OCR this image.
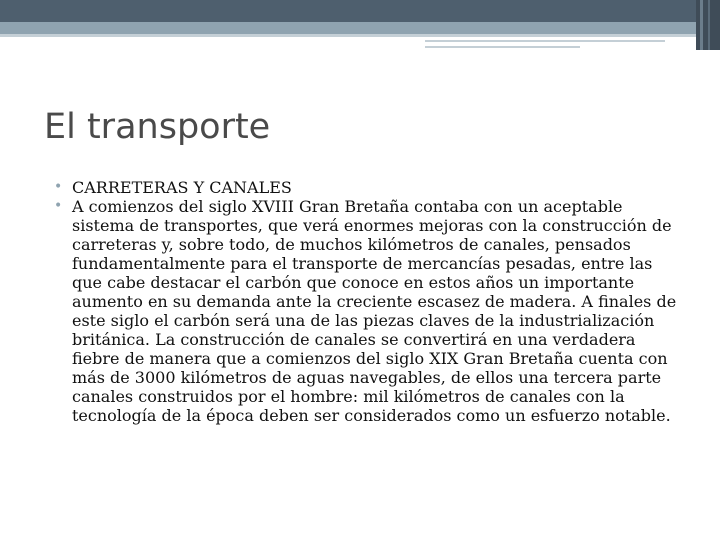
El transporte
• CARRETERAS Y CANALES
• A comienzos del siglo XVIII Gran Bretaña contaba con un aceptable sistema de transportes, que verá enormes mejoras con la construcción de carreteras y, sobre todo, de muchos kilómetros de canales, pensados fundamentalmente para el transporte de mercancías pesadas, entre las que cabe destacar el carbón que conoce en estos años un importante aumento en su demanda ante la creciente escasez de madera. A finales de este siglo el carbón será una de las piezas claves de la industrialización británica. La construcción de canales se convertirá en una verdadera fiebre de manera que a comienzos del siglo XIX Gran Bretaña cuenta con más de 3000 kilómetros de aguas navegables, de ellos una tercera parte canales construidos por el hombre: mil kilómetros de canales con la tecnología de la época deben ser considerados como un esfuerzo notable.
